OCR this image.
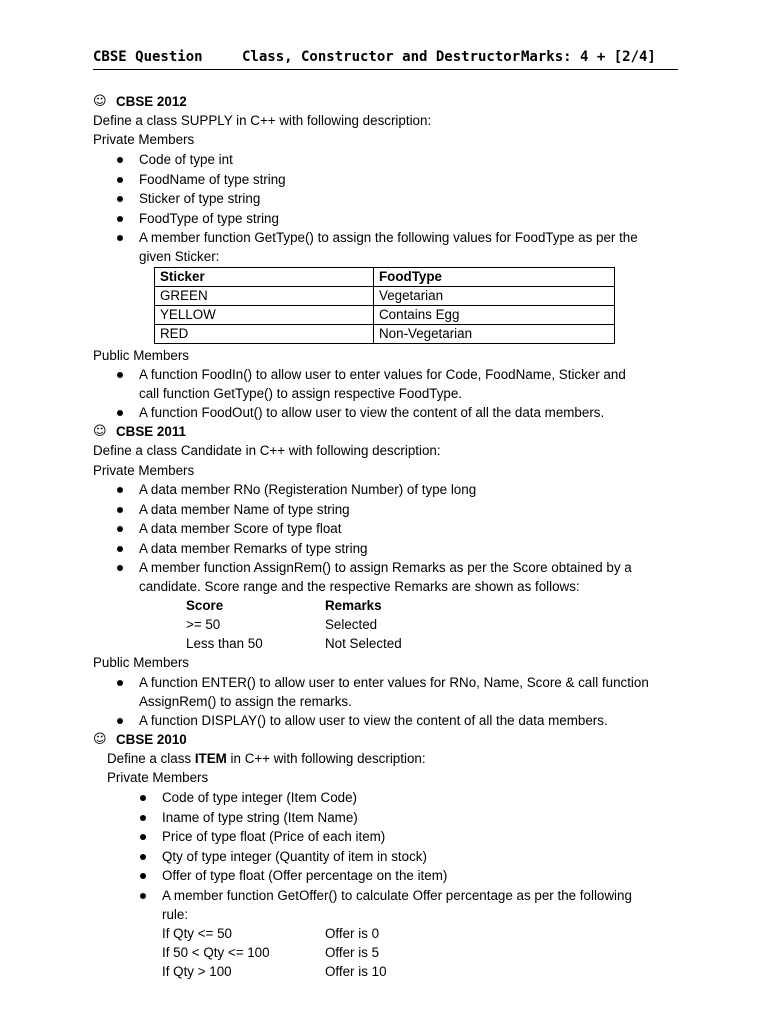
CBSE Question	Class, Constructor and Destructor Marks: 4 + [2/4]
☺ CBSE 2012
Define a class SUPPLY in C++ with following description:
Private Members
Code of type int
FoodName of type string
Sticker of type string
FoodType of type string
A member function GetType() to assign the following values for FoodType as per the
given Sticker:
Sticker	FoodType
GREEN	Vegetarian
YELLOW	Contains Egg
RED	Non-Vegetarian
Public Members
A function FoodIn() to allow user to enter values for Code, FoodName, Sticker and
call function GetType() to assign respective FoodType.
A function FoodOut() to allow user to view the content of all the data members.
☺ CBSE 2011
Define a class Candidate in C++ with following description:
Private Members
A data member RNo (Registeration Number) of type long
A data member Name of type string
A data member Score of type float
A data member Remarks of type string
A member function AssignRem() to assign Remarks as per the Score obtained by a
candidate. Score range and the respective Remarks are shown as follows:
Score	Remarks
>= 50	Selected
Less than 50	Not Selected
Public Members
A function ENTER() to allow user to enter values for RNo, Name, Score & call function
AssignRem() to assign the remarks.
A function DISPLAY() to allow user to view the content of all the data members.
☺ CBSE 2010
Define a class ITEM in C++ with following description:
Private Members
Code of type integer (Item Code)
Iname of type string (Item Name)
Price of type float (Price of each item)
Qty of type integer (Quantity of item in stock)
Offer of type float (Offer percentage on the item)
A member function GetOffer() to calculate Offer percentage as per the following
rule:
If Qty <= 50	Offer is 0
If 50 < Qty <= 100	Offer is 5
If Qty > 100	Offer is 10
